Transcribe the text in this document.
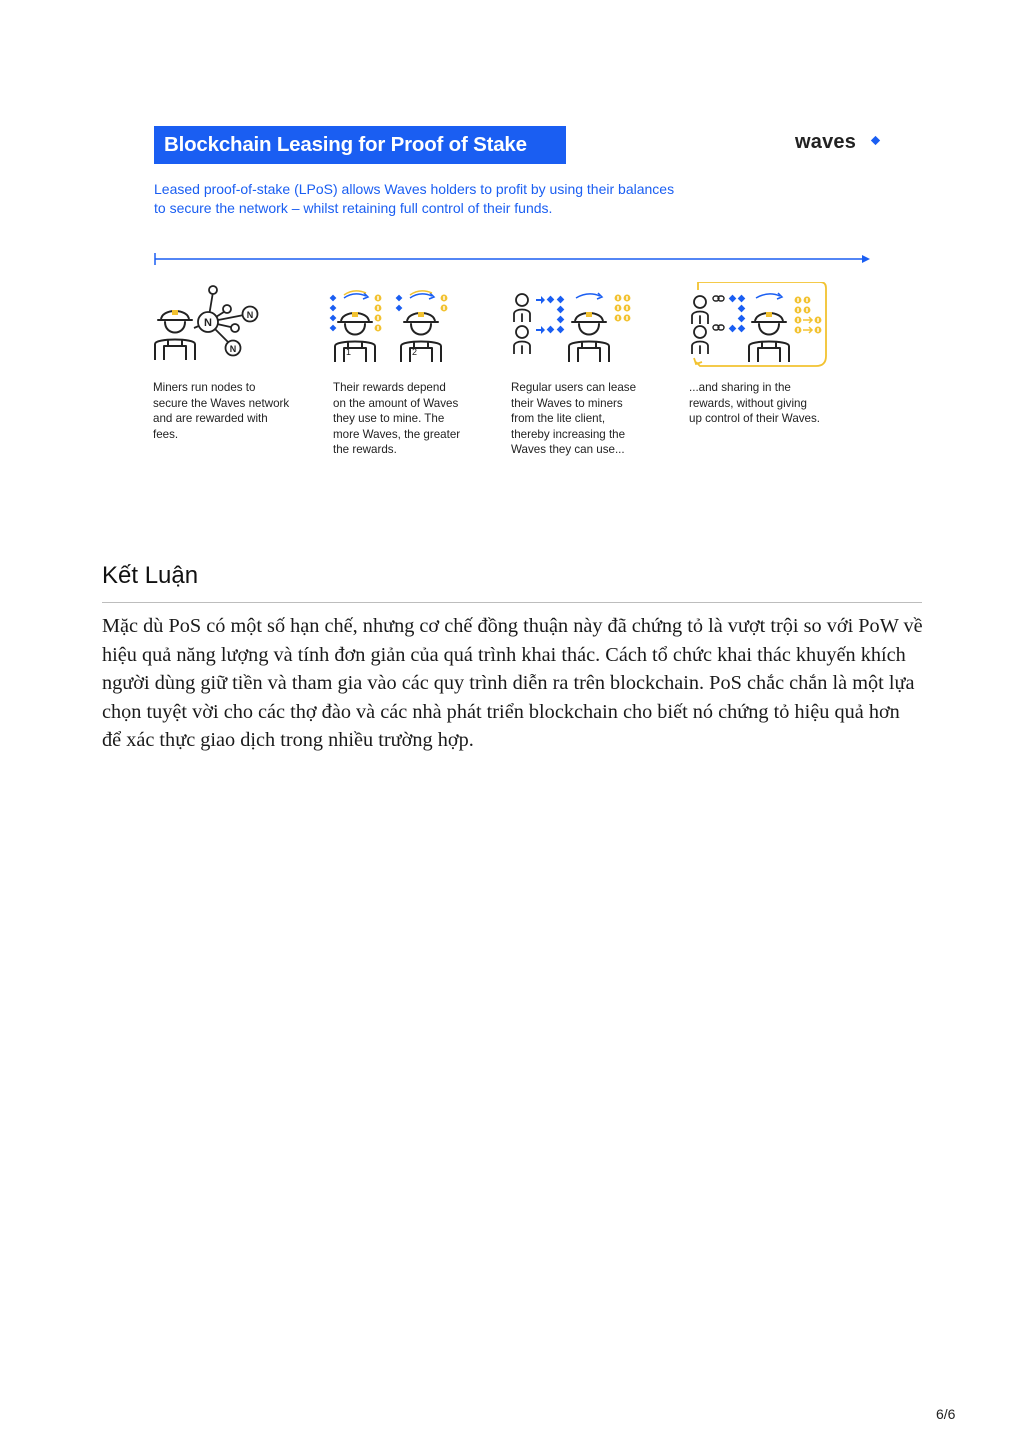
Blockchain Leasing for Proof of Stake	waves

Leased proof-of-stake (LPoS) allows Waves holders to profit by using their balances

to secure the network – whilst retaining full control of their funds.

N
N
N	1	2

Miners run nodes to

secure the Waves network

and are rewarded with

fees.

Their rewards depend

on the amount of Waves

they use to mine. The

more Waves, the greater

the rewards.

Regular users can lease

their Waves to miners

from the lite client,

thereby increasing the

Waves they can use...

...and sharing in the

rewards, without giving

up control of their Waves.

Kết Luận

Mặc dù PoS có một số hạn chế, nhưng cơ chế đồng thuận này đã chứng tỏ là vượt trội so với PoW về hiệu quả năng lượng và tính đơn giản của quá trình khai thác. Cách tổ chức khai thác khuyến khích người dùng giữ tiền và tham gia vào các quy trình diễn ra trên blockchain. PoS chắc chắn là một lựa chọn tuyệt vời cho các thợ đào và các nhà phát triển blockchain cho biết nó chứng tỏ hiệu quả hơn để xác thực giao dịch trong nhiều trường hợp.

6/6
